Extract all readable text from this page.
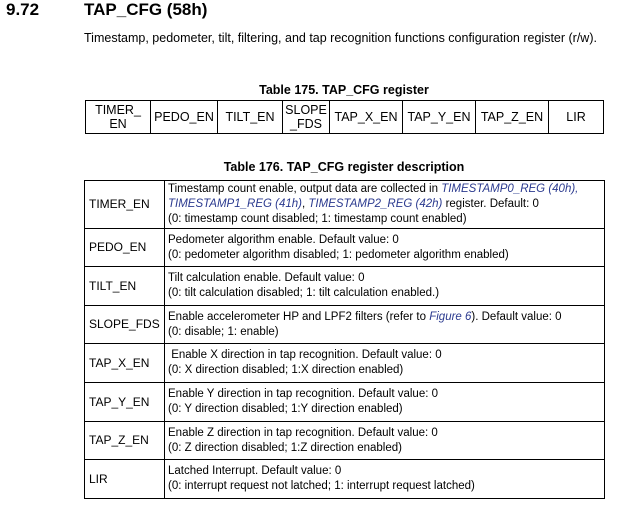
9.72	TAP_CFG (58h)
Timestamp, pedometer, tilt, filtering, and tap recognition functions configuration register (r/w).
Table 175. TAP_CFG register
TIMER_ EN	PEDO_EN	TILT_EN	SLOPE _FDS	TAP_X_EN	TAP_Y_EN	TAP_Z_EN	LIR
Table 176. TAP_CFG register description
TIMER_EN	Timestamp count enable, output data are collected in TIMESTAMP0_REG (40h),
TIMESTAMP1_REG (41h), TIMESTAMP2_REG (42h) register. Default: 0
(0: timestamp count disabled; 1: timestamp count enabled)

PEDO_EN	Pedometer algorithm enable. Default value: 0
(0: pedometer algorithm disabled; 1: pedometer algorithm enabled)

TILT_EN	Tilt calculation enable. Default value: 0
(0: tilt calculation disabled; 1: tilt calculation enabled.)

SLOPE_FDS	Enable accelerometer HP and LPF2 filters (refer to Figure 6). Default value: 0
(0: disable; 1: enable)

TAP_X_EN	Enable X direction in tap recognition. Default value: 0
(0: X direction disabled; 1:X direction enabled)

TAP_Y_EN	Enable Y direction in tap recognition. Default value: 0
(0: Y direction disabled; 1:Y direction enabled)

TAP_Z_EN	Enable Z direction in tap recognition. Default value: 0
(0: Z direction disabled; 1:Z direction enabled)

LIR	Latched Interrupt. Default value: 0
(0: interrupt request not latched; 1: interrupt request latched)
